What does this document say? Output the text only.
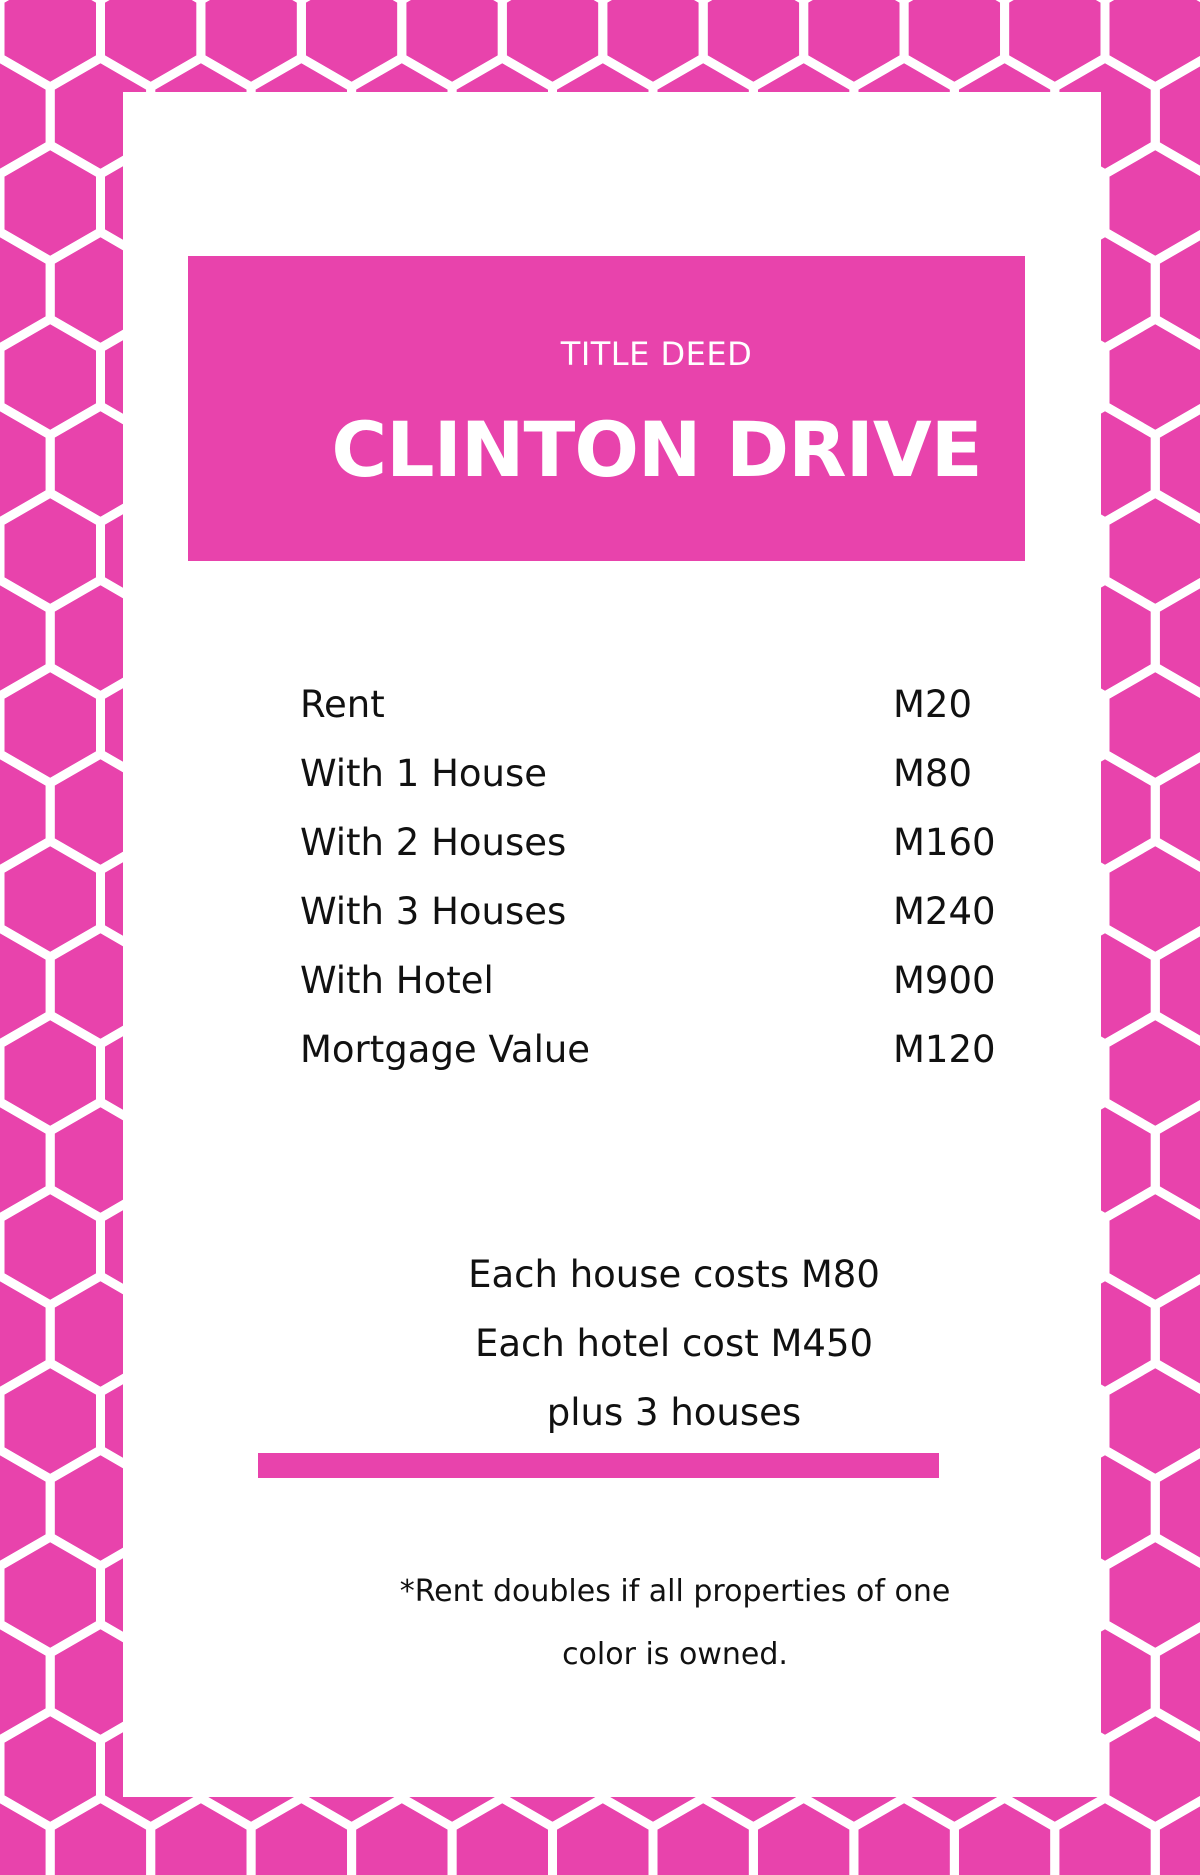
TITLE DEED
CLINTON DRIVE
Rent	M20
With 1 House	M80
With 2 Houses	M160
With 3 Houses	M240
With Hotel	M900
Mortgage Value	M120
Each house costs M80
Each hotel cost M450
plus 3 houses
*Rent doubles if all properties of one
color is owned.
